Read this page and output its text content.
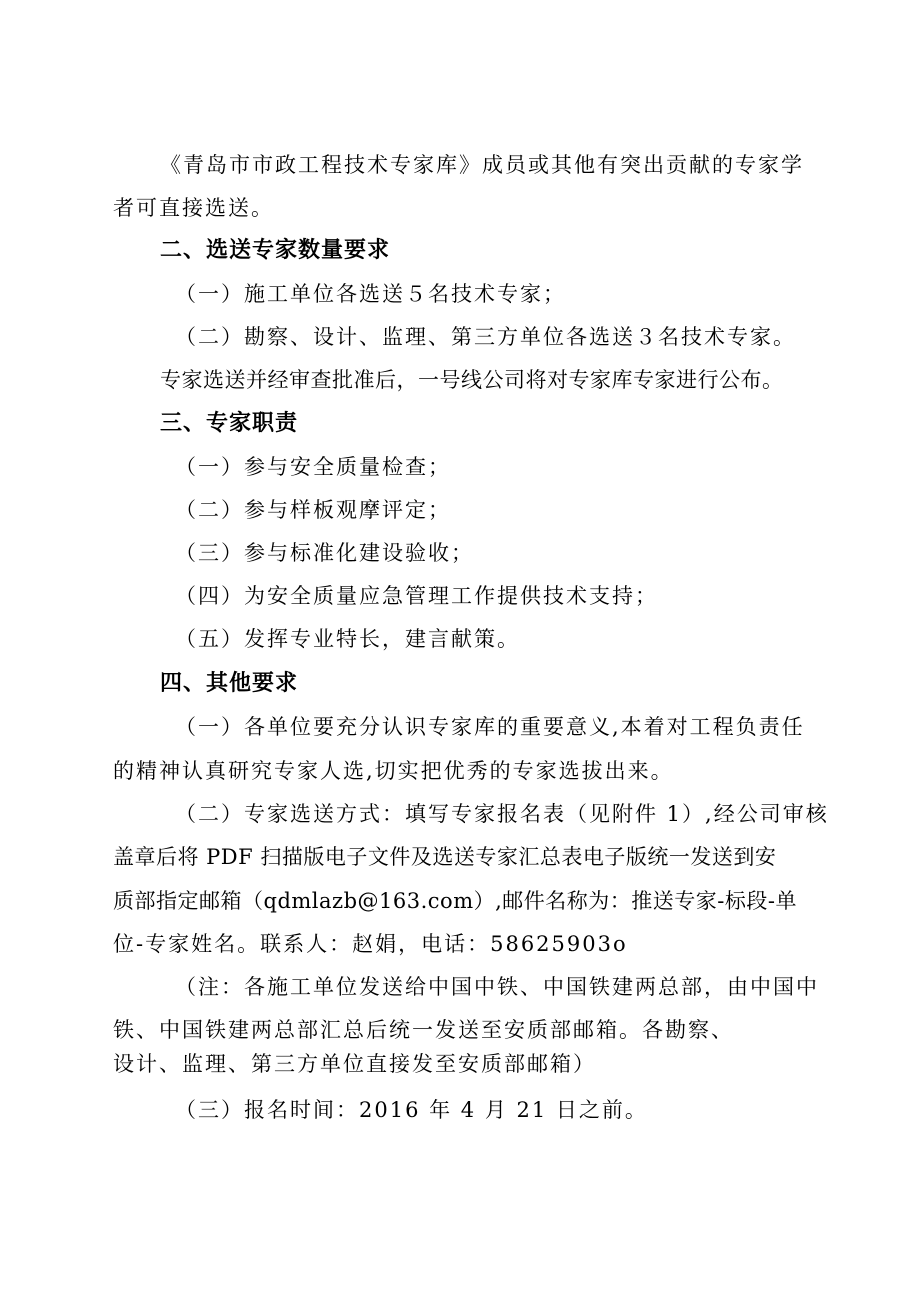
《青岛市市政工程技术专家库》成员或其他有突出贡献的专家学
者可直接选送。
二、选送专家数量要求
（一）施工单位各选送５名技术专家；
（二）勘察、设计、监理、第三方单位各选送３名技术专家。
专家选送并经审查批准后，一号线公司将对专家库专家进行公布。
三、专家职责
（一）参与安全质量检查；
（二）参与样板观摩评定；
（三）参与标准化建设验收；
（四）为安全质量应急管理工作提供技术支持；
（五）发挥专业特长，建言献策。
四、其他要求
（一）各单位要充分认识专家库的重要意义,本着对工程负责任
的精神认真研究专家人选,切实把优秀的专家选拔出来。
（二）专家选送方式：填写专家报名表（见附件 1）,经公司审核
盖章后将 PDF 扫描版电子文件及选送专家汇总表电子版统一发送到安
质部指定邮箱（qdmlazb@163.com）,邮件名称为：推送专家-标段-单
位-专家姓名。联系人：赵娟，电话：58625903o
（注：各施工单位发送给中国中铁、中国铁建两总部，由中国中
铁、中国铁建两总部汇总后统一发送至安质部邮箱。各勘察、
设计、监理、第三方单位直接发至安质部邮箱）
（三）报名时间：2016 年 4 月 21 日之前。
